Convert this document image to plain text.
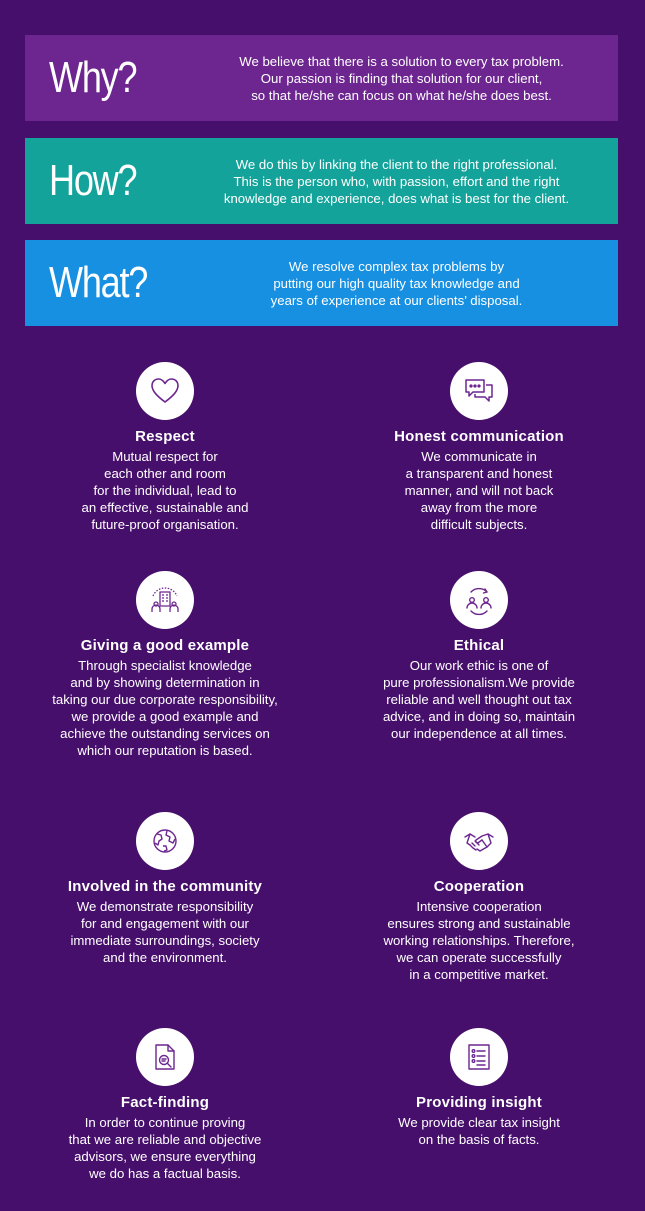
Why?	We believe that there is a solution to every tax problem.
Our passion is finding that solution for our client,
so that he/she can focus on what he/she does best.
How?	We do this by linking the client to the right professional.
This is the person who, with passion, effort and the right
knowledge and experience, does what is best for the client.
What?	We resolve complex tax problems by
putting our high quality tax knowledge and
years of experience at our clients’ disposal.
Respect
Mutual respect for
each other and room
for the individual, lead to
an effective, sustainable and
future-proof organisation.
Honest communication
We communicate in
a transparent and honest
manner, and will not back
away from the more
difficult subjects.
Giving a good example
Through specialist knowledge
and by showing determination in
taking our due corporate responsibility,
we provide a good example and
achieve the outstanding services on
which our reputation is based.
Ethical
Our work ethic is one of
pure professionalism.We provide
reliable and well thought out tax
advice, and in doing so, maintain
our independence at all times.
Involved in the community
We demonstrate responsibility
for and engagement with our
immediate surroundings, society
and the environment.
Cooperation
Intensive cooperation
ensures strong and sustainable
working relationships. Therefore,
we can operate successfully
in a competitive market.
Fact-finding
In order to continue proving
that we are reliable and objective
advisors, we ensure everything
we do has a factual basis.
Providing insight
We provide clear tax insight
on the basis of facts.
